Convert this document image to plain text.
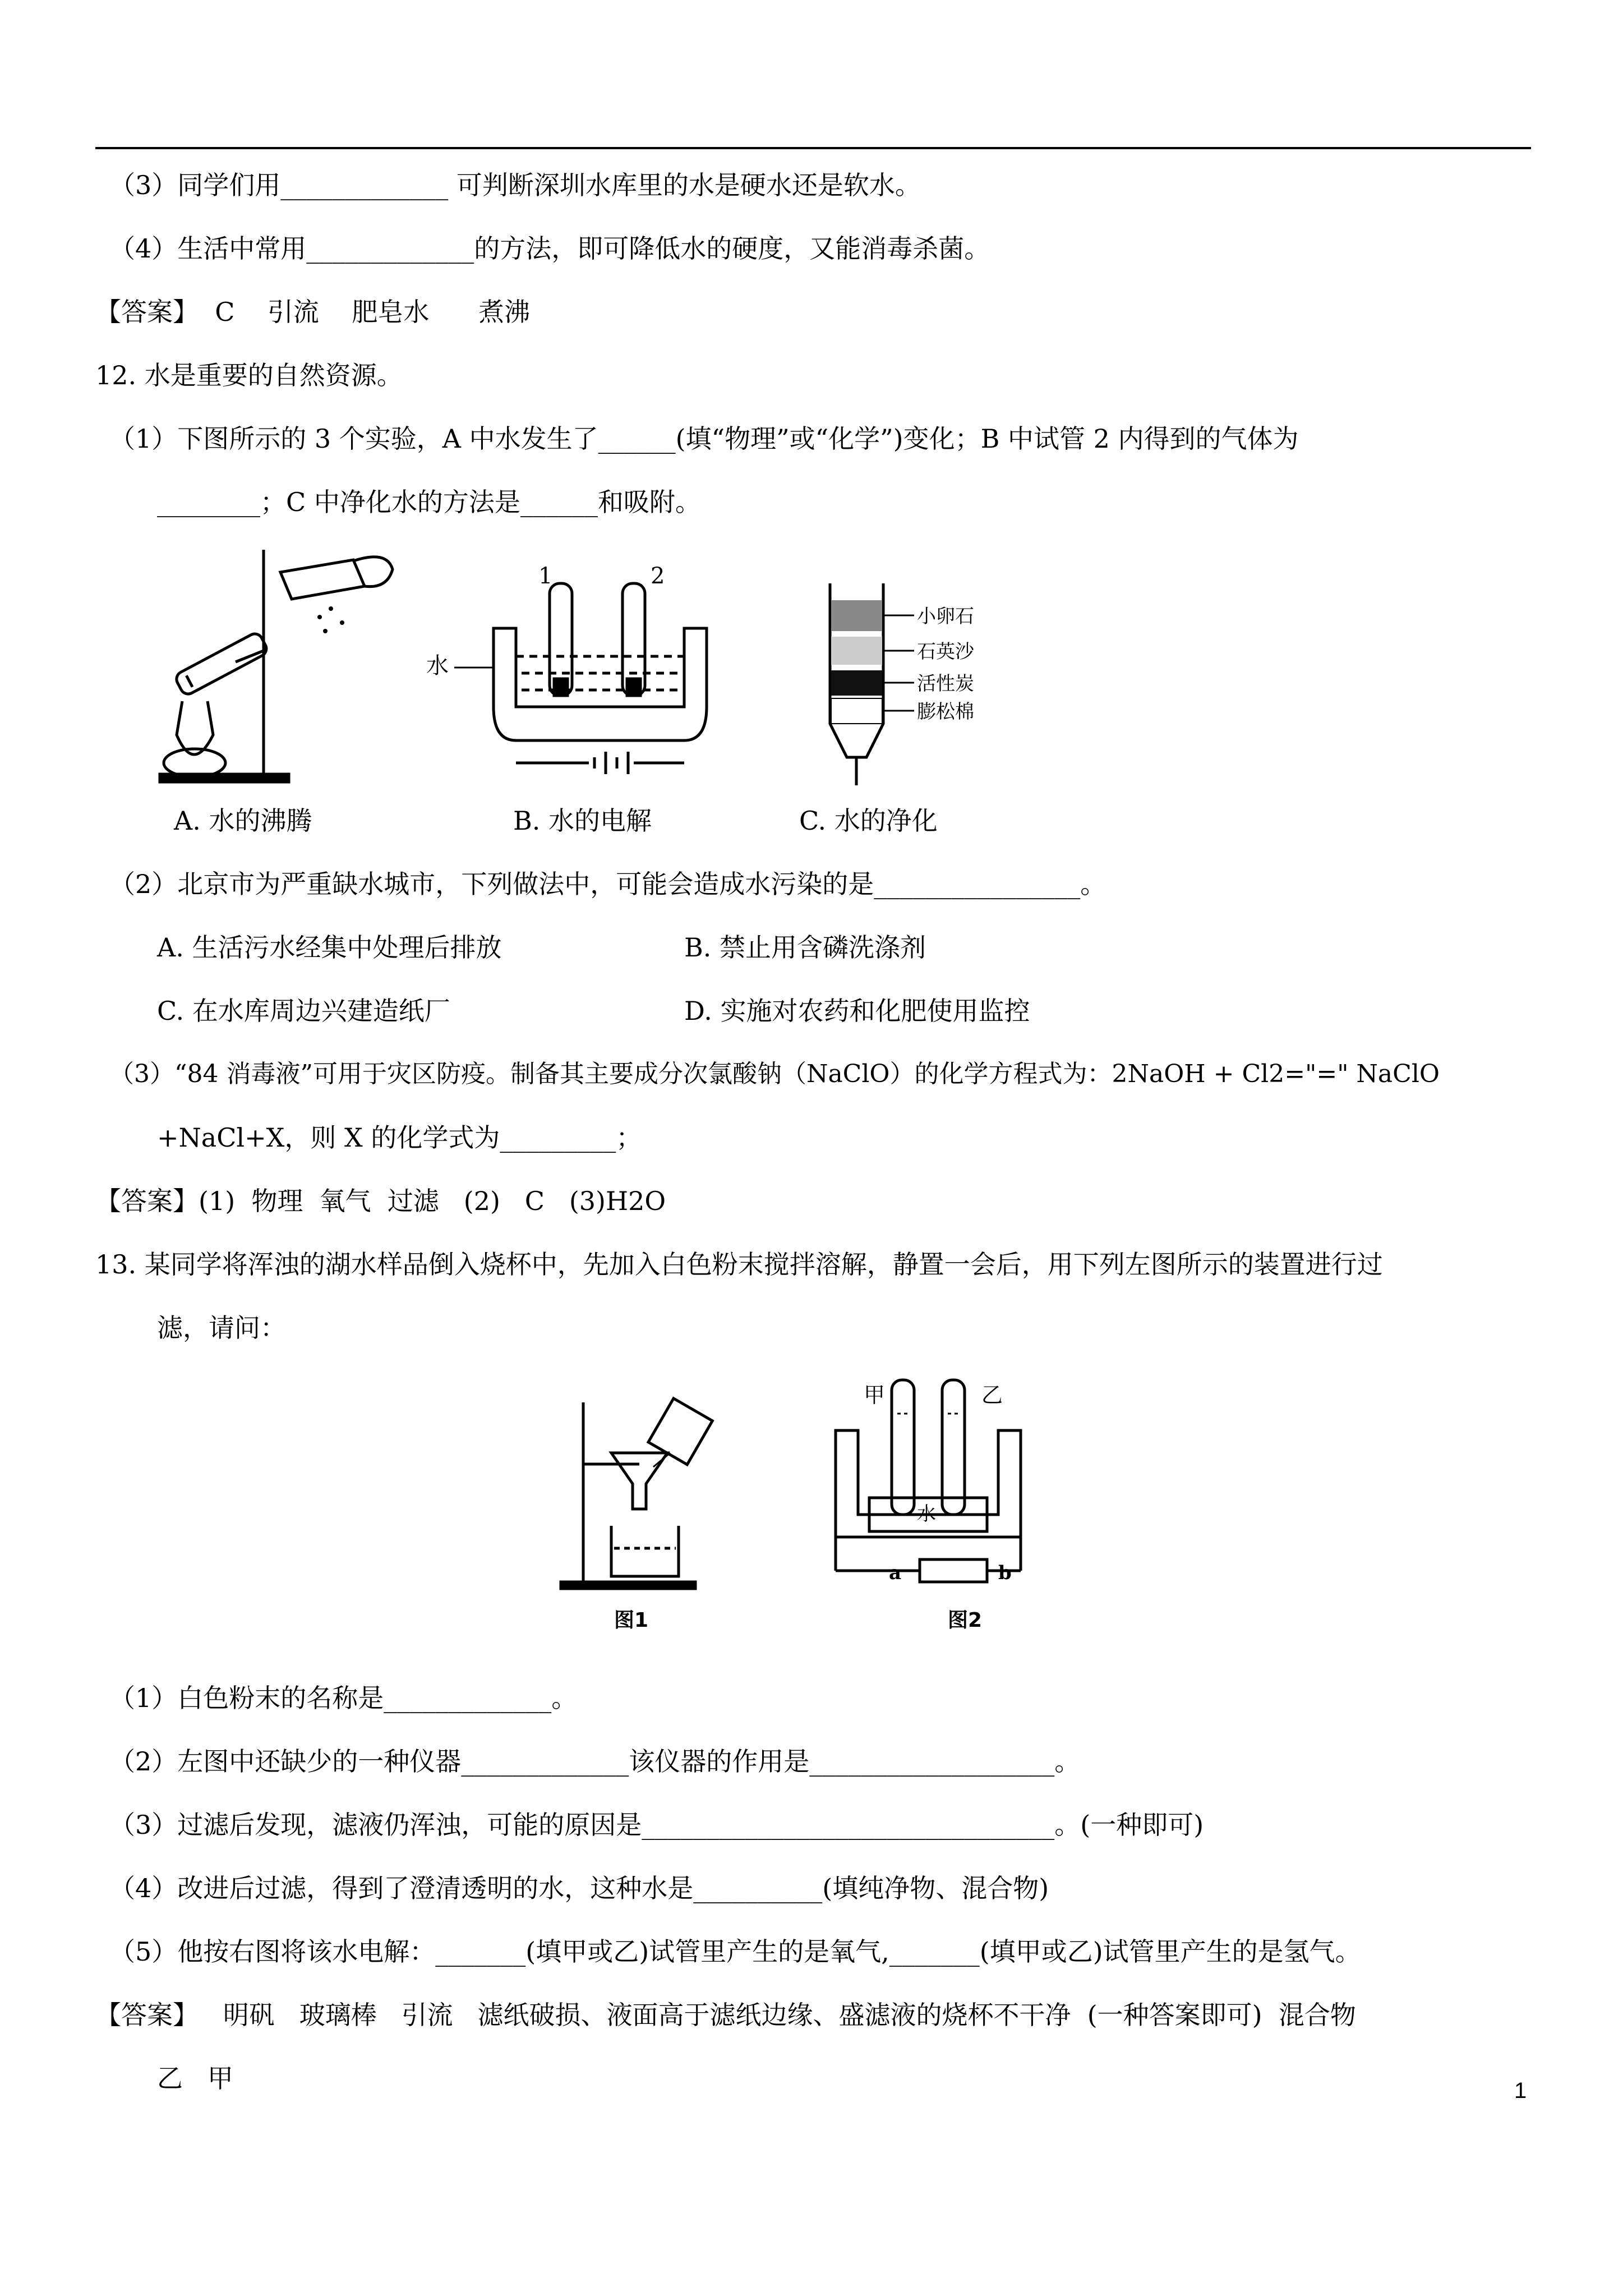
（3）同学们用_____________ 可判断深圳水库里的水是硬水还是软水。
（4）生活中常用_____________的方法，即可降低水的硬度，又能消毒杀菌。
【答案】  C    引流    肥皂水      煮沸
12. 水是重要的自然资源。
（1）下图所示的 3 个实验，A 中水发生了______(填“物理”或“化学”)变化；B 中试管 2 内得到的气体为
________；C 中净化水的方法是______和吸附。
1	2
水
小卵石
石英沙
活性炭
膨松棉
A. 水的沸腾	B. 水的电解	C. 水的净化
（2）北京市为严重缺水城市，下列做法中，可能会造成水污染的是________________。
A. 生活污水经集中处理后排放	B. 禁止用含磷洗涤剂
C. 在水库周边兴建造纸厂	D. 实施对农药和化肥使用监控
（3）“84 消毒液”可用于灾区防疫。制备其主要成分次氯酸钠（NaClO）的化学方程式为：2NaOH + Cl2="=" NaClO
+NaCl+X，则 X 的化学式为_________；
【答案】(1)  物理  氧气  过滤   (2)   C   (3)H2O
13. 某同学将浑浊的湖水样品倒入烧杯中，先加入白色粉末搅拌溶解，静置一会后，用下列左图所示的装置进行过
滤，请问：
甲	乙
水
a	b
图1	图2
（1）白色粉末的名称是_____________。
（2）左图中还缺少的一种仪器_____________该仪器的作用是___________________。
（3）过滤后发现，滤液仍浑浊，可能的原因是________________________________。(一种即可)
（4）改进后过滤，得到了澄清透明的水，这种水是__________(填纯净物、混合物)
（5）他按右图将该水电解：_______(填甲或乙)试管里产生的是氧气,_______(填甲或乙)试管里产生的是氢气。
【答案】   明矾   玻璃棒   引流   滤纸破损、液面高于滤纸边缘、盛滤液的烧杯不干净  (一种答案即可)  混合物
乙   甲	1
